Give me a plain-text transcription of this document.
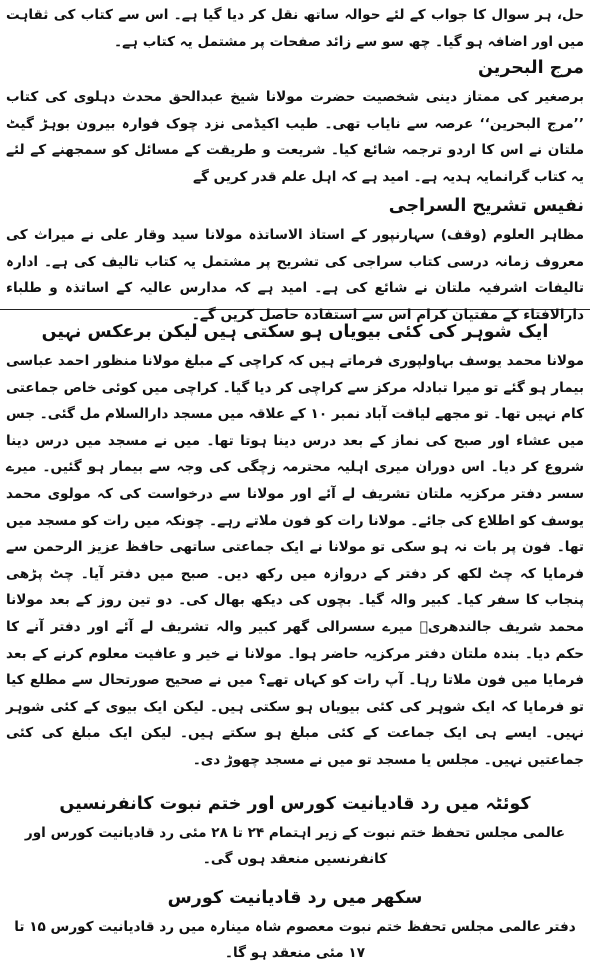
حل، ہر سوال کا جواب کے لئے حوالہ ساتھ نقل کر دیا گیا ہے۔ اس سے کتاب کی ثقاہت میں اور اضافہ ہو گیا۔ چھ سو سے زائد صفحات پر مشتمل یہ کتاب ہے۔

مرج البحرین

برصغیر کی ممتاز دینی شخصیت حضرت مولانا شیخ عبدالحق محدث دہلوی کی کتاب ’’مرج البحرین‘‘ عرصہ سے نایاب تھی۔ طیب اکیڈمی نزد چوک فوارہ بیرون بوہڑ گیٹ ملتان نے اس کا اردو ترجمہ شائع کیا۔ شریعت و طریقت کے مسائل کو سمجھنے کے لئے یہ کتاب گرانمایہ ہدیہ ہے۔ امید ہے کہ اہل علم قدر کریں گے

نفیس تشریح السراجی

مظاہر العلوم (وقف) سہارنپور کے استاذ الاساتذہ مولانا سید وقار علی نے میراث کی معروف زمانہ درسی کتاب سراجی کی تشریح پر مشتمل یہ کتاب تالیف کی ہے۔ ادارہ تالیفات اشرفیہ ملتان نے شائع کی ہے۔ امید ہے کہ مدارس عالیہ کے اساتذہ و طلباء دارالافتاء کے مفتیان کرام اس سے استفادہ حاصل کریں گے۔

ایک شوہر کی کئی بیویاں ہو سکتی ہیں لیکن برعکس نہیں

مولانا محمد یوسف بہاولپوری فرماتے ہیں کہ کراچی کے مبلغ مولانا منظور احمد عباسی بیمار ہو گئے تو میرا تبادلہ مرکز سے کراچی کر دیا گیا۔ کراچی میں کوئی خاص جماعتی کام نہیں تھا۔ تو مجھے لیاقت آباد نمبر ۱۰ کے علاقہ میں مسجد دارالسلام مل گئی۔ جس میں عشاء اور صبح کی نماز کے بعد درس دینا ہوتا تھا۔ میں نے مسجد میں درس دینا شروع کر دیا۔ اس دوران میری اہلیہ محترمہ زچگی کی وجہ سے بیمار ہو گئیں۔ میرے سسر دفتر مرکزیہ ملتان تشریف لے آئے اور مولانا سے درخواست کی کہ مولوی محمد یوسف کو اطلاع کی جائے۔ مولانا رات کو فون ملاتے رہے۔ چونکہ میں رات کو مسجد میں تھا۔ فون پر بات نہ ہو سکی تو مولانا نے ایک جماعتی ساتھی حافظ عزیز الرحمن سے فرمایا کہ چٹ لکھ کر دفتر کے دروازہ میں رکھ دیں۔ صبح میں دفتر آیا۔ چٹ پڑھی پنجاب کا سفر کیا۔ کبیر والہ گیا۔ بچوں کی دیکھ بھال کی۔ دو تین روز کے بعد مولانا محمد شریف جالندھریؒ میرے سسرالی گھر کبیر والہ تشریف لے آئے اور دفتر آنے کا حکم دیا۔ بندہ ملتان دفتر مرکزیہ حاضر ہوا۔ مولانا نے خیر و عافیت معلوم کرنے کے بعد فرمایا میں فون ملاتا رہا۔ آپ رات کو کہاں تھے؟ میں نے صحیح صورتحال سے مطلع کیا تو فرمایا کہ ایک شوہر کی کئی بیویاں ہو سکتی ہیں۔ لیکن ایک بیوی کے کئی شوہر نہیں۔ ایسے ہی ایک جماعت کے کئی مبلغ ہو سکتے ہیں۔ لیکن ایک مبلغ کی کئی جماعتیں نہیں۔ مجلس یا مسجد تو میں نے مسجد چھوڑ دی۔

کوئٹہ میں رد قادیانیت کورس اور ختم نبوت کانفرنسیں

عالمی مجلس تحفظ ختم نبوت کے زیر اہتمام ۲۴ تا ۲۸ مئی رد قادیانیت کورس اور کانفرنسیں منعقد ہوں گی۔

سکھر میں رد قادیانیت کورس

دفتر عالمی مجلس تحفظ ختم نبوت معصوم شاہ مینارہ میں رد قادیانیت کورس ۱۵ تا ۱۷ مئی منعقد ہو گا۔
